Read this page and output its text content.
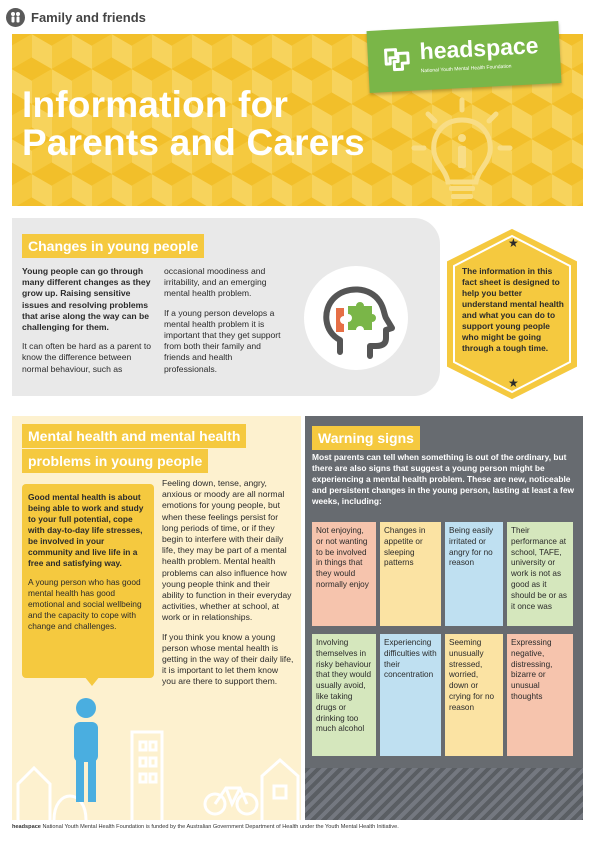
Family and friends
Information for
Parents and Carers
headspace
National Youth Mental Health Foundation
Changes in young people

Young people can go through many different changes as they grow up. Raising sensitive issues and resolving problems that arise along the way can be challenging for them.

It can often be hard as a parent to know the difference between normal behaviour, such as

occasional moodiness and irritability, and an emerging mental health problem.

If a young person develops a mental health problem it is important that they get support from both their family and friends and health professionals.

★
The information in this fact sheet is designed to help you better understand mental health and what you can do to support young people who might be going through a tough time.
★
Mental health and mental health
problems in young people

Good mental health is about being able to work and study to your full potential, cope with day-to-day life stresses, be involved in your community and live life in a free and satisfying way.

A young person who has good mental health has good emotional and social wellbeing and the capacity to cope with change and challenges.

Feeling down, tense, angry, anxious or moody are all normal emotions for young people, but when these feelings persist for long periods of time, or if they begin to interfere with their daily life, they may be part of a mental health problem. Mental health problems can also influence how young people think and their ability to function in their everyday activities, whether at school, at work or in relationships.

If you think you know a young person whose mental health is getting in the way of their daily life, it is important to let them know you are there to support them.

Warning signs
Most parents can tell when something is out of the ordinary, but there are also signs that suggest a young person might be experiencing a mental health problem. These are new, noticeable and persistent changes in the young person, lasting at least a few weeks, including:
Not enjoying, or not wanting to be involved in things that they would normally enjoy
Changes in appetite or sleeping patterns
Being easily irritated or angry for no reason
Their performance at school, TAFE, university or work is not as good as it should be or as it once was
Involving themselves in risky behaviour that they would usually avoid, like taking drugs or drinking too much alcohol
Experiencing difficulties with their concentration
Seeming unusually stressed, worried, down or crying for no reason
Expressing negative, distressing, bizarre or unusual thoughts
headspace National Youth Mental Health Foundation is funded by the Australian Government Department of Health under the Youth Mental Health Initiative.
